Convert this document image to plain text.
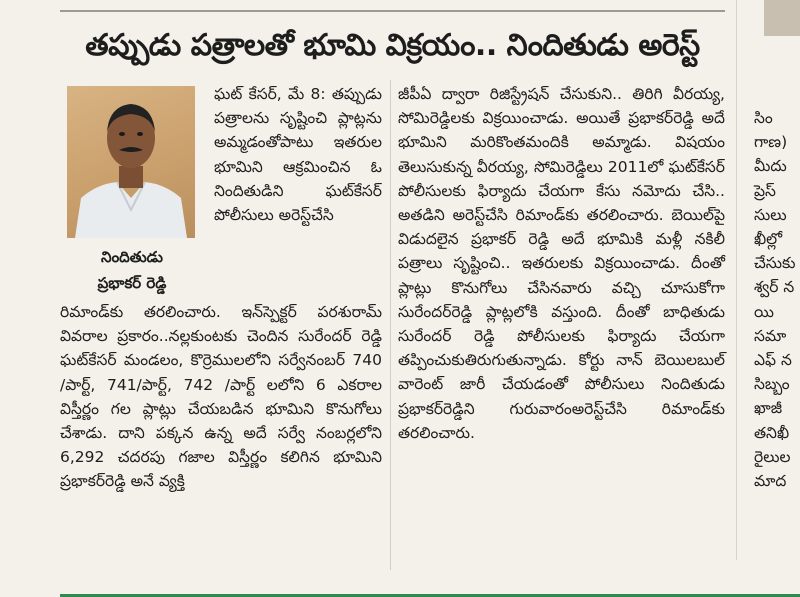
తప్పుడు పత్రాలతో భూమి విక్రయం.. నిందితుడు అరెస్ట్
నిందితుడు
ప్రభాకర్‌ రెడ్డి

ఘట్‌ కేసర్‌, మే 8: తప్పుడు పత్రాలను సృష్టించి ప్లాట్లను అమ్మడంతోపాటు ఇతరుల భూమిని ఆక్రమించిన ఓ నిందితుడిని ఘట్‌కేసర్‌ పోలీసులు అరెస్ట్‌చేసి

రిమాండ్‌కు తరలించారు. ఇన్‌స్పెక్టర్‌ పరశురామ్‌ వివరాల ప్రకారం..నల్లకుంటకు చెందిన సురేందర్‌ రెడ్డి ఘట్‌కేసర్‌ మండలం, కొర్రెములలోని సర్వేనంబర్‌ 740 /పార్ట్‌, 741/పార్ట్‌, 742 /పార్ట్‌ లలోని 6 ఎకరాల విస్తీర్ణం గల ప్లాట్లు చేయబడిన భూమిని కొనుగోలు చేశాడు. దాని పక్కన ఉన్న అదే సర్వే నంబర్లలోని 6,292 చదరపు గజాల విస్తీర్ణం కలిగిన భూమిని ప్రభాకర్‌రెడ్డి అనే వ్యక్తి

జీపీఏ ద్వారా రిజిస్ట్రేషన్‌ చేసుకుని.. తిరిగి వీరయ్య, సోమిరెడ్డిలకు విక్రయించాడు. అయితే ప్రభాకర్‌రెడ్డి అదే భూమిని మరికొంతమందికి అమ్మాడు. విషయం తెలుసుకున్న వీరయ్య, సోమిరెడ్డిలు 2011లో ఘట్‌కేసర్‌ పోలీసులకు ఫిర్యాదు చేయగా కేసు నమోదు చేసి.. అతడిని అరెస్ట్‌చేసి రిమాండ్‌కు తరలించారు. బెయిల్‌పై విడుదలైన ప్రభాకర్‌ రెడ్డి అదే భూమికి మళ్లీ నకిలీ పత్రాలు సృష్టించి.. ఇతరులకు విక్రయించాడు. దీంతో ప్లాట్లు కొనుగోలు చేసినవారు వచ్చి చూసుకోగా సురేందర్‌రెడ్డి ప్లాట్లలోకి వస్తుంది. దీంతో బాధితుడు సురేందర్‌ రెడ్డి పోలీసులకు ఫిర్యాదు చేయగా తప్పించుకుతిరుగుతున్నాడు. కోర్టు నాన్‌ బెయిలబుల్‌ వారెంట్‌ జారీ చేయడంతో పోలీసులు నిందితుడు ప్రభాకర్‌రెడ్డిని గురువారంఅరెస్ట్‌చేసి రిమాండ్‌కు తరలించారు.

సిం
గాణ)
మీదు
ప్రెస్
సులు
ఖీల్లో
చేసుకు
శ్వర్‌ న
యి
సమా
ఎఫ్‌ న
సిబ్బం
ఖాజీ
తనిఖీ
రైలుల
మాద
